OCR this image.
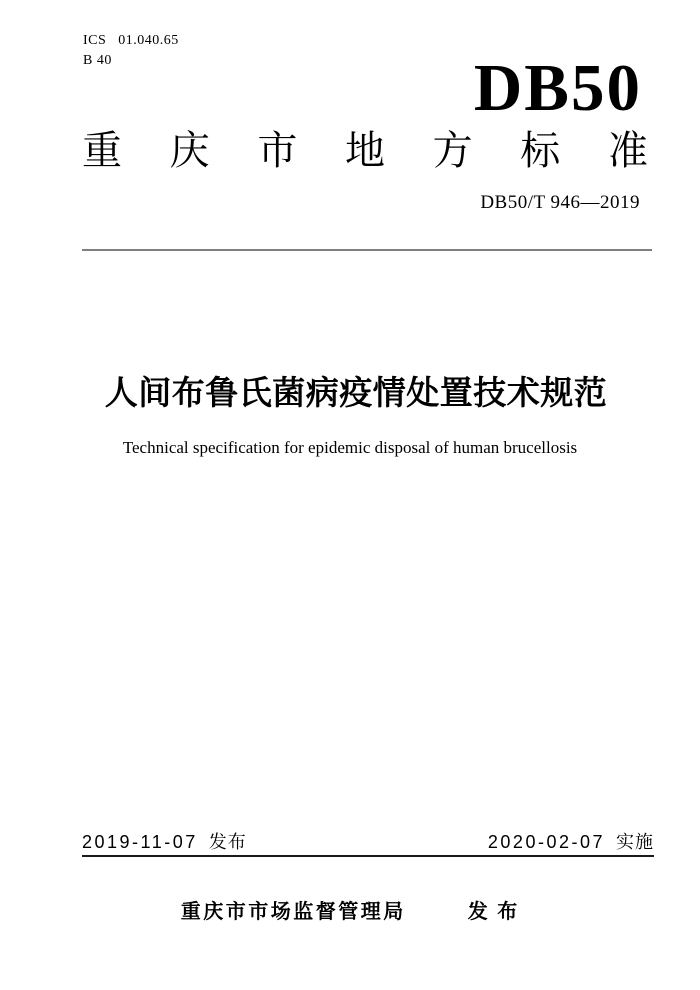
ICS 01.040.65
B 40	DB50
重 庆 市 地 方 标 准
DB50/T 946—2019
人间布鲁氏菌病疫情处置技术规范
Technical specification for epidemic disposal of human brucellosis
2019-11-07 发布	2020-02-07 实施
重庆市市场监督管理局	发 布
